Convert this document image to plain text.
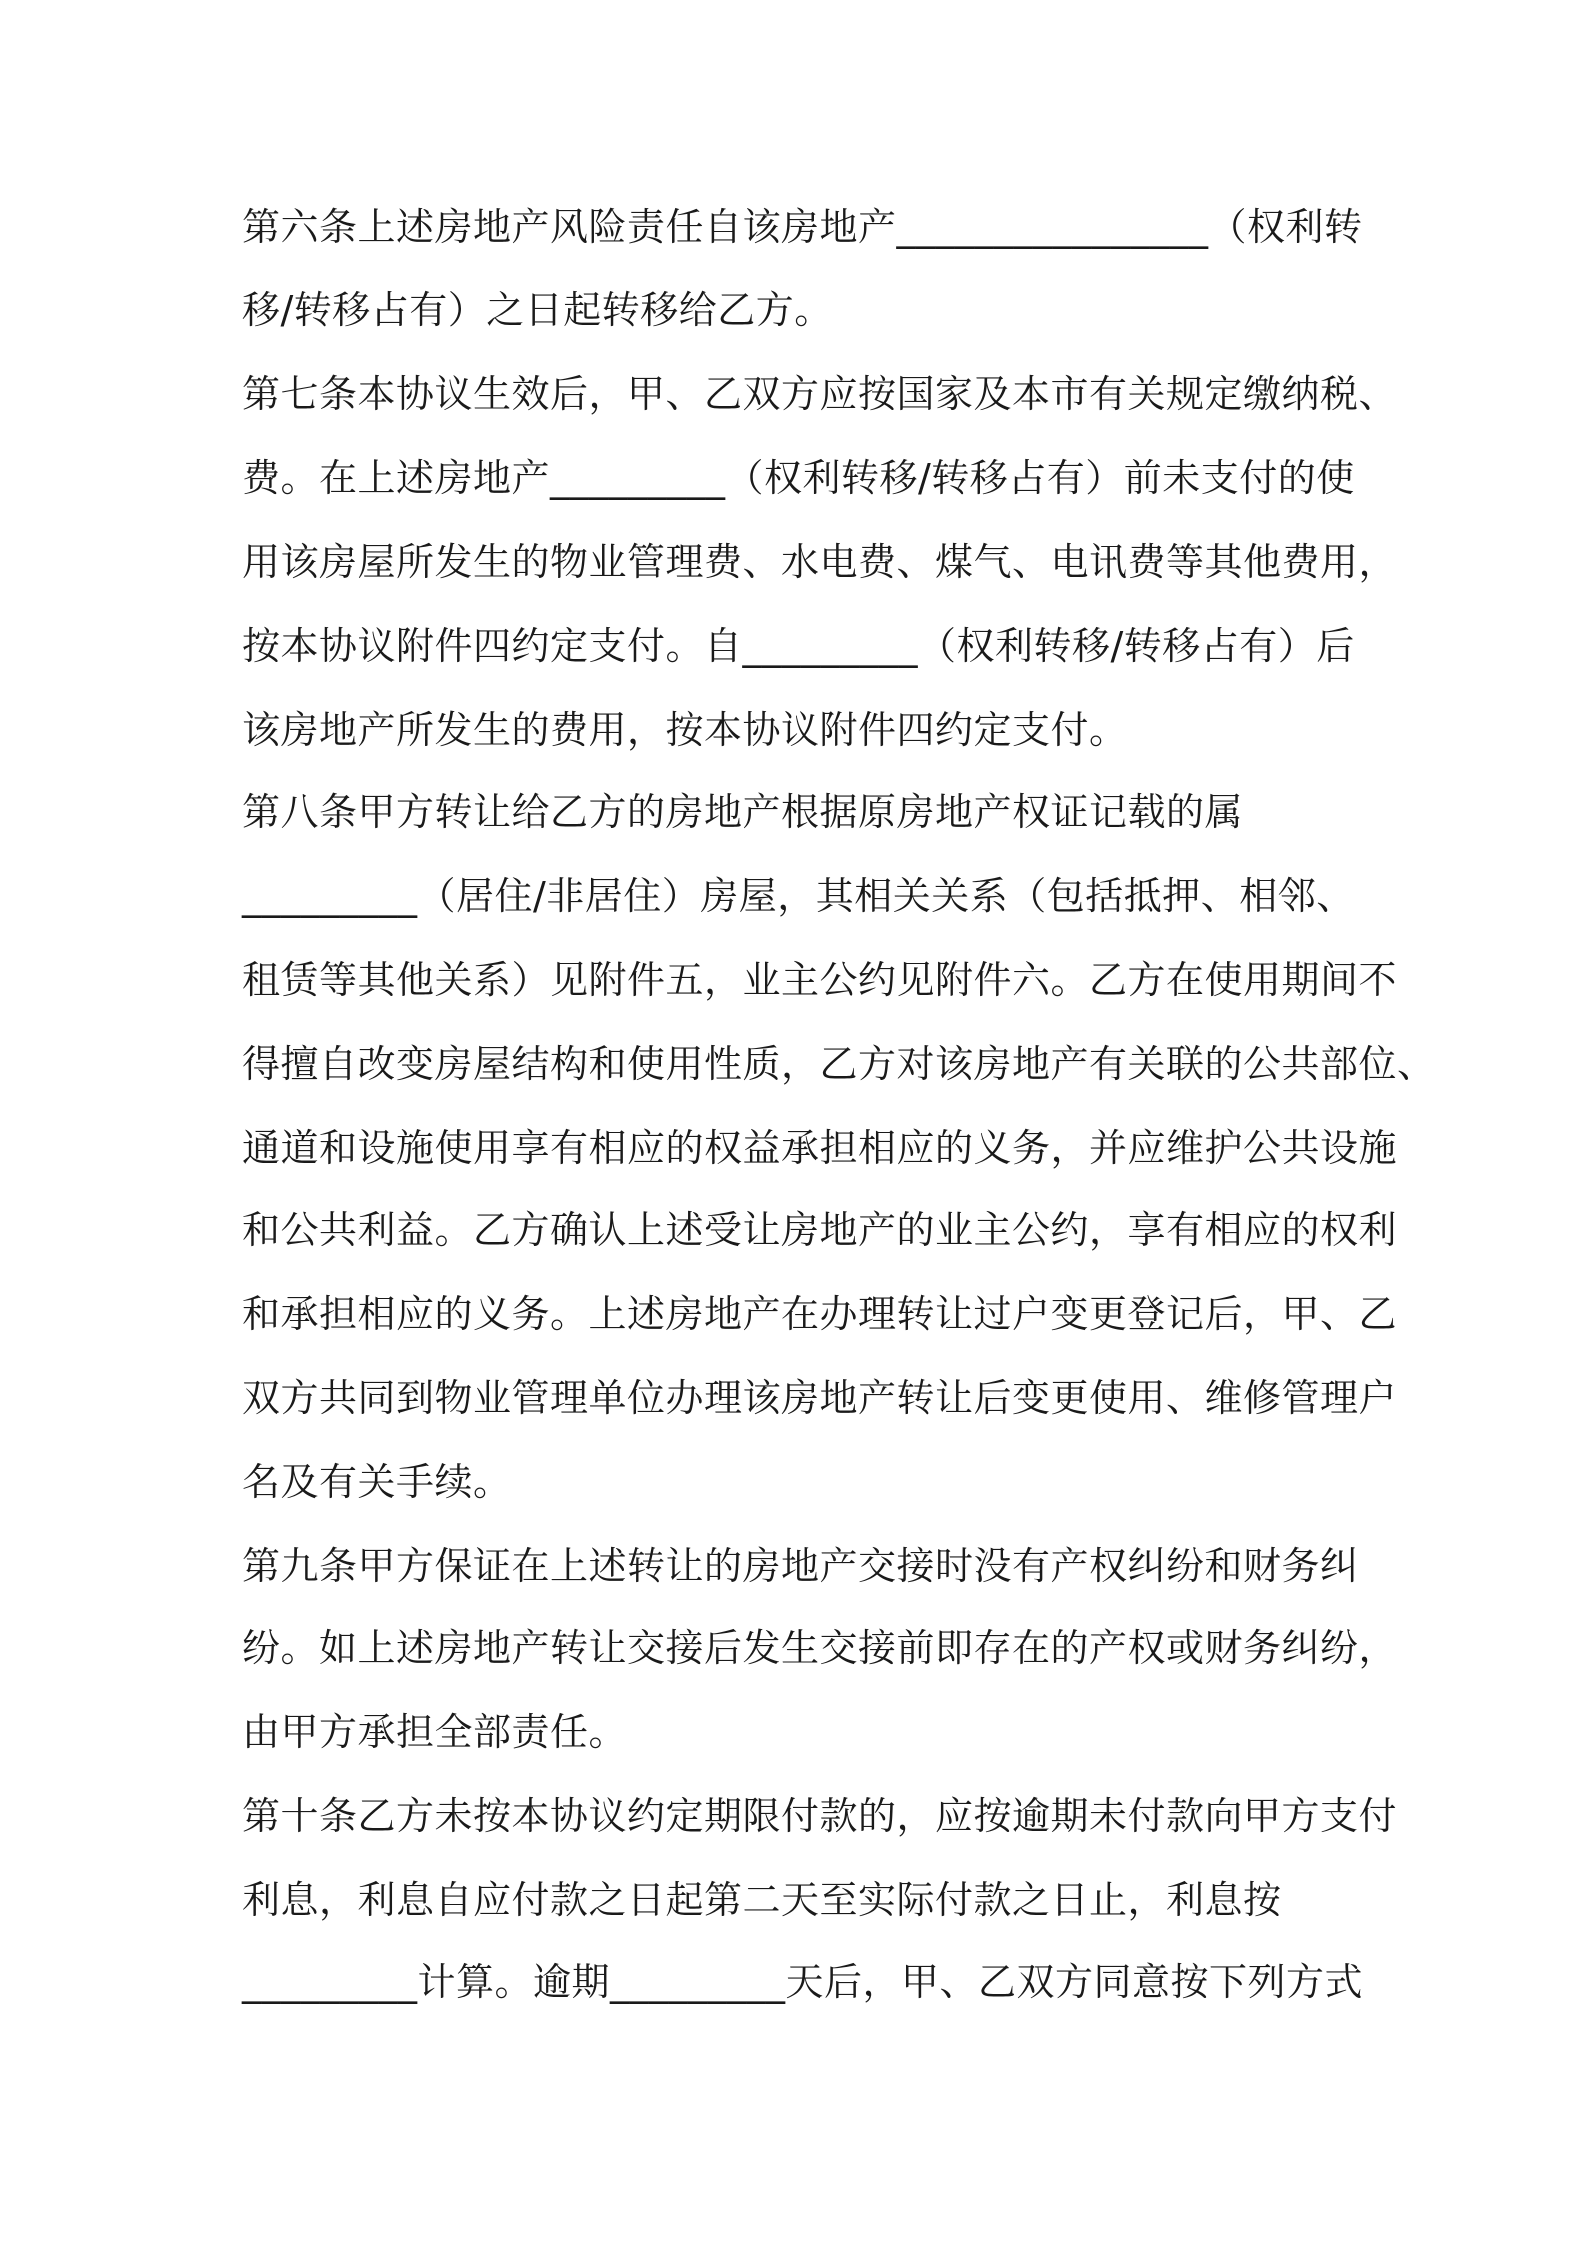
第六条上述房地产风险责任自该房地产________________（权利转

移/转移占有）之日起转移给乙方。

第七条本协议生效后，甲、乙双方应按国家及本市有关规定缴纳税、

费。在上述房地产_________（权利转移/转移占有）前未支付的使

用该房屋所发生的物业管理费、水电费、煤气、电讯费等其他费用，

按本协议附件四约定支付。自_________（权利转移/转移占有）后

该房地产所发生的费用，按本协议附件四约定支付。

第八条甲方转让给乙方的房地产根据原房地产权证记载的属

_________（居住/非居住）房屋，其相关关系（包括抵押、相邻、

租赁等其他关系）见附件五，业主公约见附件六。乙方在使用期间不

得擅自改变房屋结构和使用性质，乙方对该房地产有关联的公共部位、

通道和设施使用享有相应的权益承担相应的义务，并应维护公共设施

和公共利益。乙方确认上述受让房地产的业主公约，享有相应的权利

和承担相应的义务。上述房地产在办理转让过户变更登记后，甲、乙

双方共同到物业管理单位办理该房地产转让后变更使用、维修管理户

名及有关手续。

第九条甲方保证在上述转让的房地产交接时没有产权纠纷和财务纠

纷。如上述房地产转让交接后发生交接前即存在的产权或财务纠纷，

由甲方承担全部责任。

第十条乙方未按本协议约定期限付款的，应按逾期未付款向甲方支付

利息，利息自应付款之日起第二天至实际付款之日止，利息按

_________计算。逾期_________天后，甲、乙双方同意按下列方式
